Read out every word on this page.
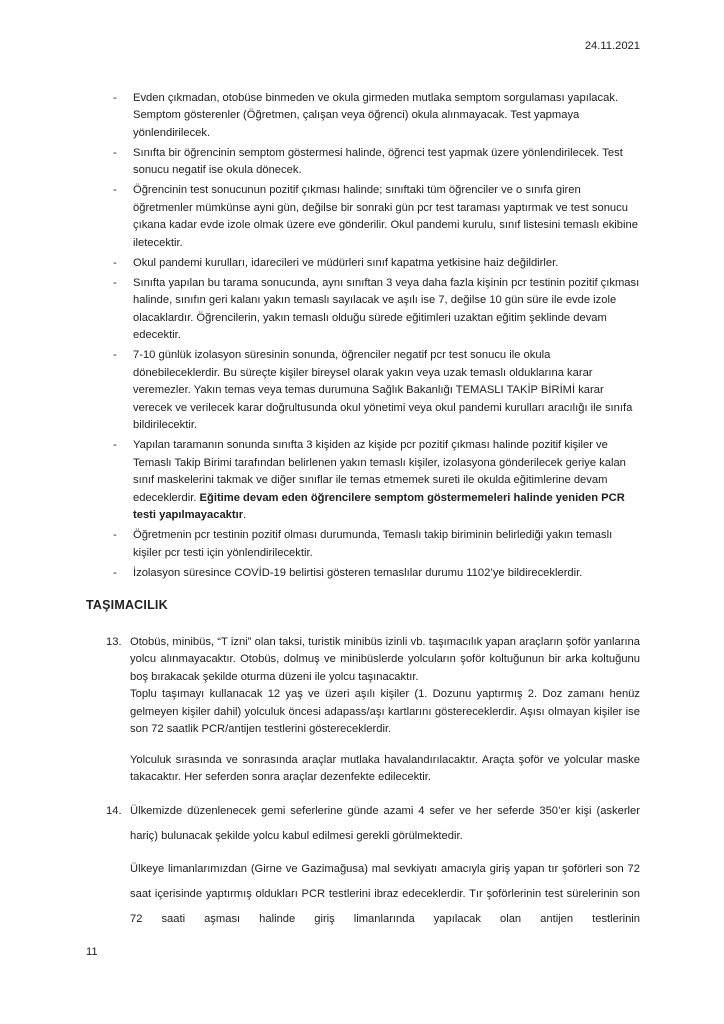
24.11.2021
- Evden çıkmadan, otobüse binmeden ve okula girmeden mutlaka semptom sorgulaması yapılacak. Semptom gösterenler (Öğretmen, çalışan veya öğrenci) okula alınmayacak. Test yapmaya yönlendirilecek.
- Sınıfta bir öğrencinin semptom göstermesi halinde, öğrenci test yapmak üzere yönlendirilecek. Test sonucu negatif ise okula dönecek.
- Öğrencinin test sonucunun pozitif çıkması halinde; sınıftaki tüm öğrenciler ve o sınıfa giren öğretmenler mümkünse ayni gün, değilse bir sonraki gün pcr test taraması yaptırmak ve test sonucu çıkana kadar evde izole olmak üzere eve gönderilir. Okul pandemi kurulu, sınıf listesini temaslı ekibine iletecektir.
- Okul pandemi kurulları, idarecileri ve müdürleri sınıf kapatma yetkisine haiz değildirler.
- Sınıfta yapılan bu tarama sonucunda, aynı sınıftan 3 veya daha fazla kişinin pcr testinin pozitif çıkması halinde, sınıfın geri kalanı yakın temaslı sayılacak ve aşılı ise 7, değilse 10 gün süre ile evde izole olacaklardır. Öğrencilerin, yakın temaslı olduğu sürede eğitimleri uzaktan eğitim şeklinde devam edecektir.
- 7-10 günlük izolasyon süresinin sonunda, öğrenciler negatif pcr test sonucu ile okula dönebileceklerdir. Bu süreçte kişiler bireysel olarak yakın veya uzak temaslı olduklarına karar veremezler. Yakın temas veya temas durumuna Sağlık Bakanlığı TEMASLI TAKİP BİRİMİ karar verecek ve verilecek karar doğrultusunda okul yönetimi veya okul pandemi kurulları aracılığı ile sınıfa bildirilecektir.
- Yapılan taramanın sonunda sınıfta 3 kişiden az kişide pcr pozitif çıkması halinde pozitif kişiler ve Temaslı Takip Birimi tarafından belirlenen yakın temaslı kişiler, izolasyona gönderilecek geriye kalan sınıf maskelerini takmak ve diğer sınıflar ile temas etmemek sureti ile okulda eğitimlerine devam edeceklerdir. Eğitime devam eden öğrencilere semptom göstermemeleri halinde yeniden PCR testi yapılmayacaktır.
- Öğretmenin pcr testinin pozitif olması durumunda, Temaslı takip biriminin belirlediği yakın temaslı kişiler pcr testi için yönlendirilecektir.
- İzolasyon süresince COVİD-19 belirtisi gösteren temaslılar durumu 1102’ye bildireceklerdir.
TAŞIMACILIK
13. Otobüs, minibüs, “T izni” olan taksi, turistik minibüs izinli vb. taşımacılık yapan araçların şoför yanlarına yolcu alınmayacaktır. Otobüs, dolmuş ve minibüslerde yolcuların şoför koltuğunun bir arka koltuğunu boş bırakacak şekilde oturma düzeni ile yolcu taşınacaktır.

Toplu taşımayı kullanacak 12 yaş ve üzeri aşılı kişiler (1. Dozunu yaptırmış 2. Doz zamanı henüz gelmeyen kişiler dahil) yolculuk öncesi adapass/aşı kartlarını göstereceklerdir. Aşısı olmayan kişiler ise son 72 saatlik PCR/antijen testlerini göstereceklerdir.

Yolculuk sırasında ve sonrasında araçlar mutlaka havalandırılacaktır. Araçta şoför ve yolcular maske takacaktır. Her seferden sonra araçlar dezenfekte edilecektir.

14. Ülkemizde düzenlenecek gemi seferlerine günde azami 4 sefer ve her seferde 350’er kişi (askerler hariç) bulunacak şekilde yolcu kabul edilmesi gerekli görülmektedir.

Ülkeye limanlarımızdan (Girne ve Gazimağusa) mal sevkiyatı amacıyla giriş yapan tır şoförleri son 72 saat içerisinde yaptırmış oldukları PCR testlerini ibraz edeceklerdir. Tır şoförlerinin test sürelerinin son 72 saati aşması halinde giriş limanlarında yapılacak olan antijen testlerinin

11
